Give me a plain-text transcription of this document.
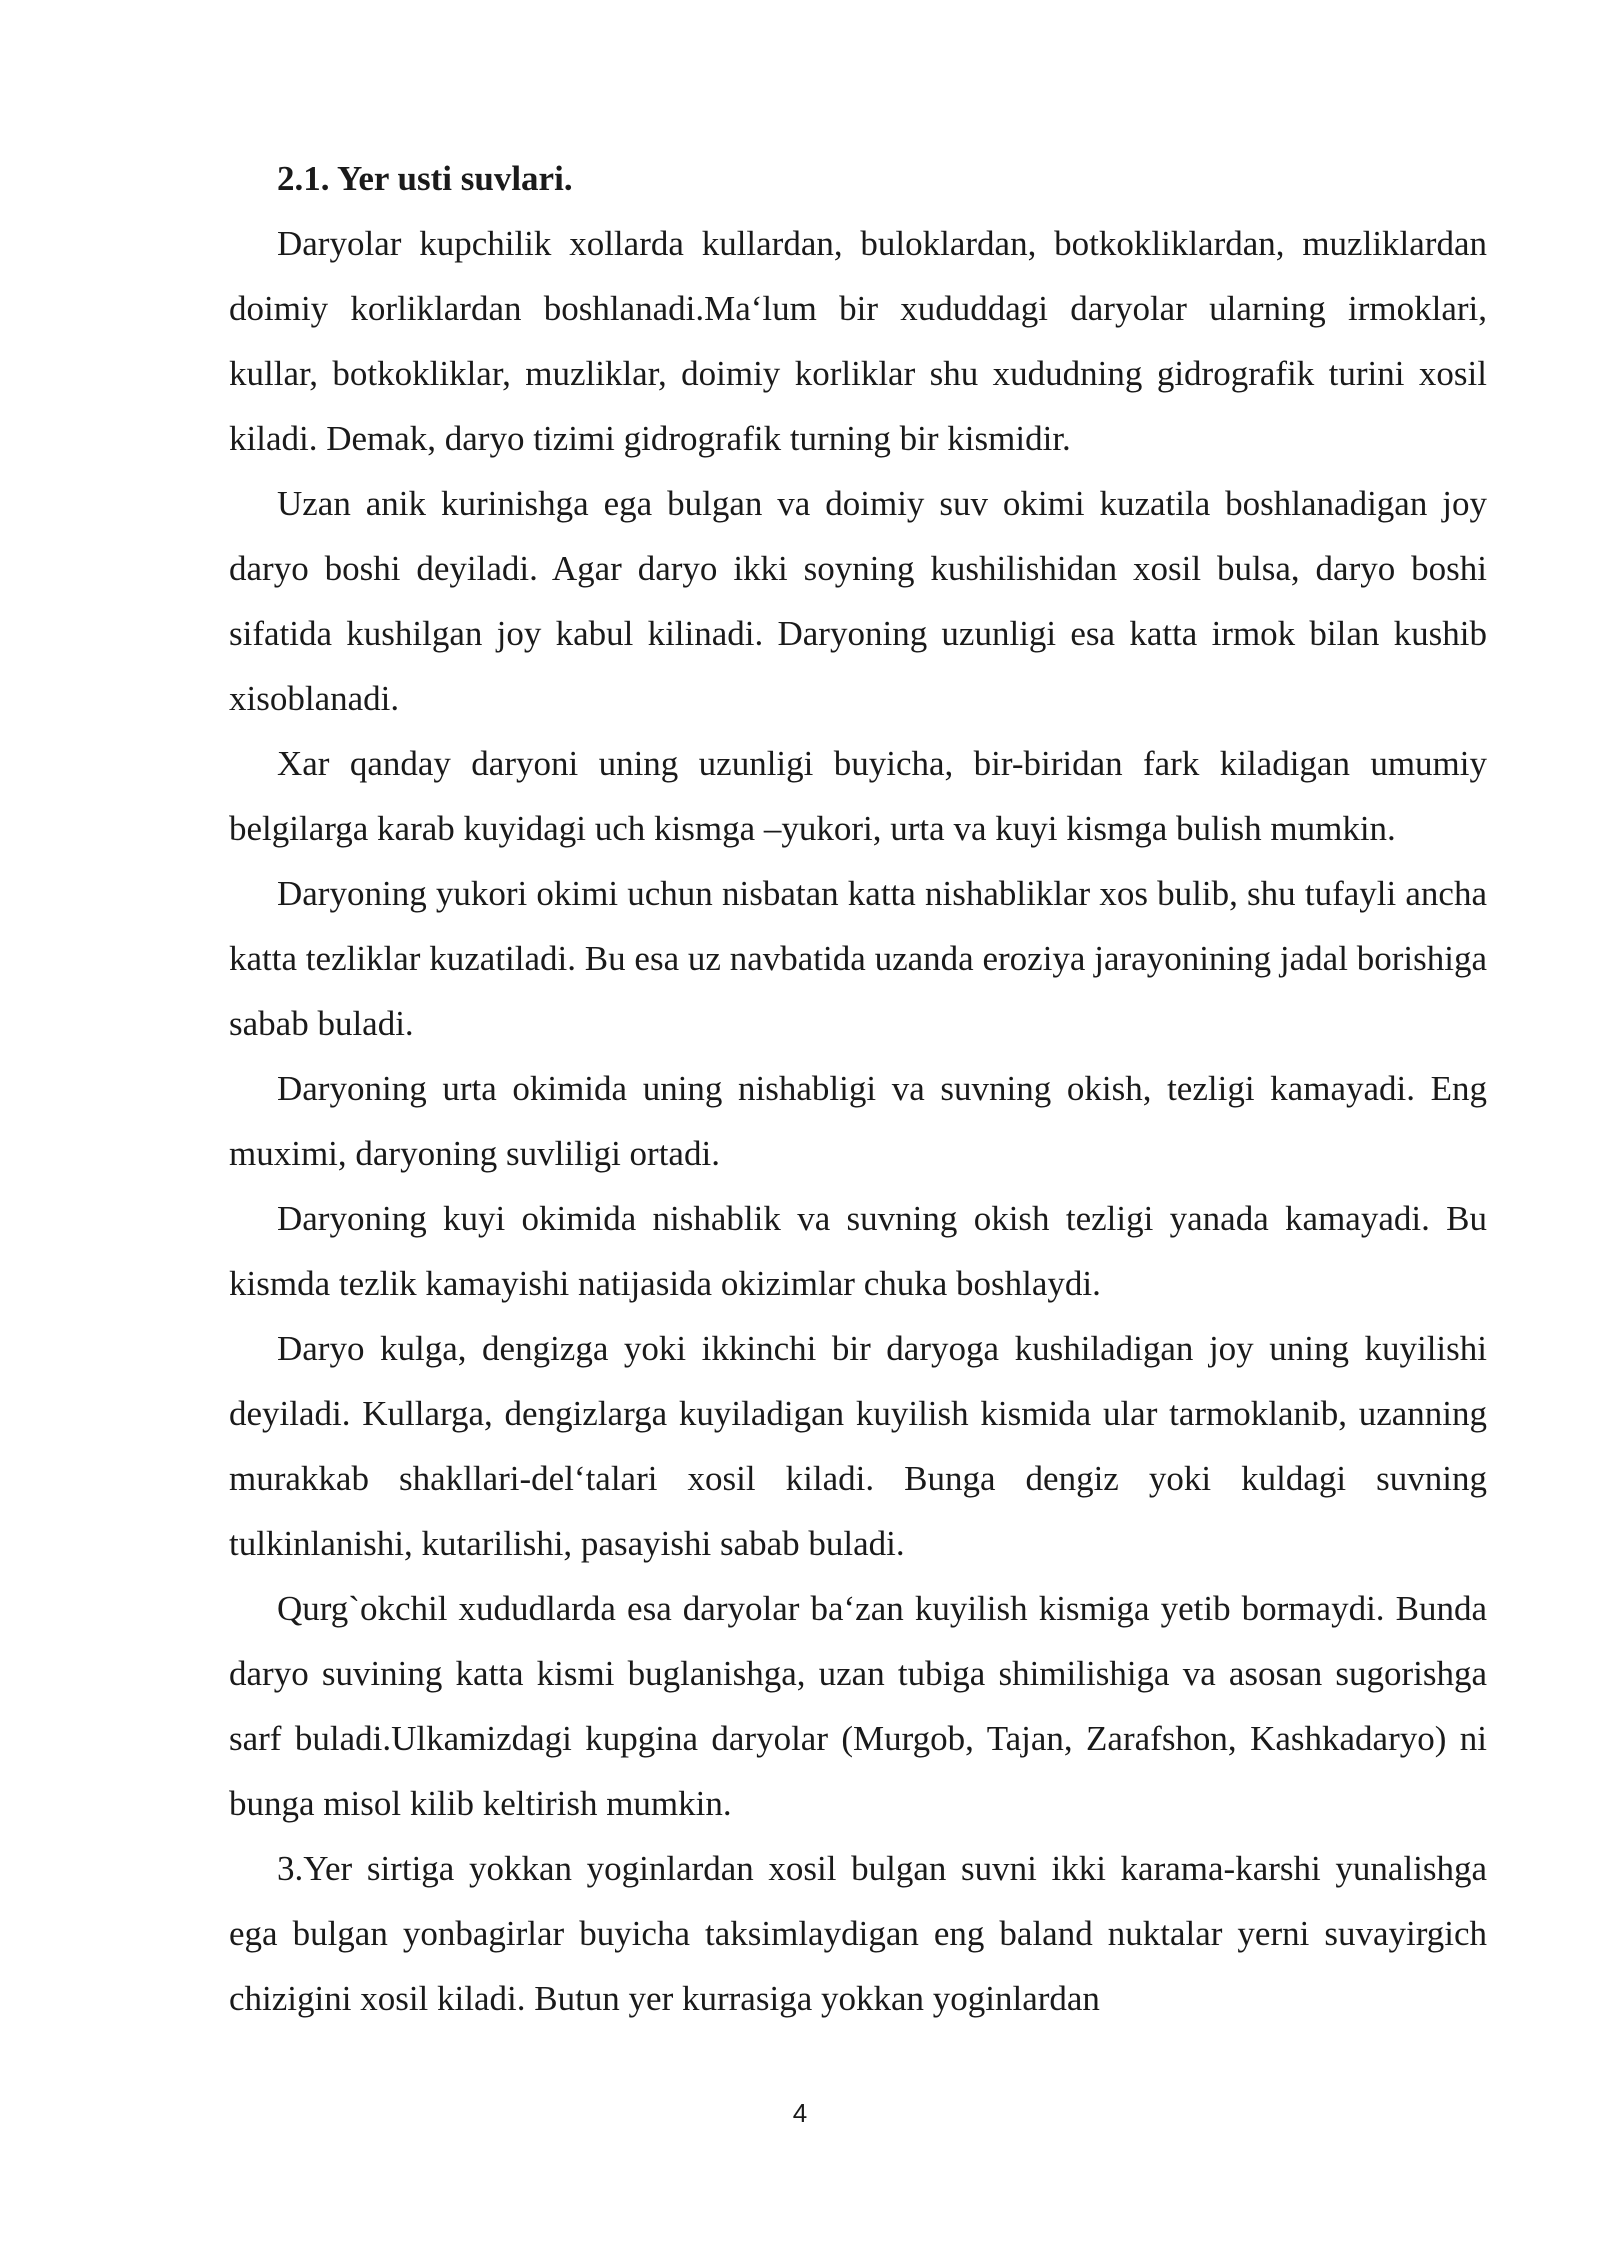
2.1. Yer usti suvlari.

Daryolar kupchilik xollarda kullardan, buloklardan, botkokliklardan, muzliklardan doimiy korliklardan boshlanadi.Maʻlum bir xududdagi daryolar ularning irmoklari, kullar, botkokliklar, muzliklar, doimiy korliklar shu xududning gidrografik turini xosil kiladi. Demak, daryo tizimi gidrografik turning bir kismidir.

Uzan anik kurinishga ega bulgan va doimiy suv okimi kuzatila boshlanadigan joy daryo boshi deyiladi. Agar daryo ikki soyning kushilishidan xosil bulsa, daryo boshi sifatida kushilgan joy kabul kilinadi. Daryoning uzunligi esa katta irmok bilan kushib xisoblanadi.

Xar qanday daryoni uning uzunligi buyicha, bir-biridan fark kiladigan umumiy belgilarga karab kuyidagi uch kismga –yukori, urta va kuyi kismga bulish mumkin.

Daryoning yukori okimi uchun nisbatan katta nishabliklar xos bulib, shu tufayli ancha katta tezliklar kuzatiladi. Bu esa uz navbatida uzanda eroziya jarayonining jadal borishiga sabab buladi.

Daryoning urta okimida uning nishabligi va suvning okish, tezligi kamayadi. Eng muximi, daryoning suvliligi ortadi.

Daryoning kuyi okimida nishablik va suvning okish tezligi yanada kamayadi. Bu kismda tezlik kamayishi natijasida okizimlar chuka boshlaydi.

Daryo kulga, dengizga yoki ikkinchi bir daryoga kushiladigan joy uning kuyilishi deyiladi. Kullarga, dengizlarga kuyiladigan kuyilish kismida ular tarmoklanib, uzanning murakkab shakllari-delʻtalari xosil kiladi. Bunga dengiz yoki kuldagi suvning tulkinlanishi, kutarilishi, pasayishi sabab buladi.

Qurg`okchil xududlarda esa daryolar baʻzan kuyilish kismiga yetib bormaydi. Bunda daryo suvining katta kismi buglanishga, uzan tubiga shimilishiga va asosan sugorishga sarf buladi.Ulkamizdagi kupgina daryolar (Murgob, Tajan, Zarafshon, Kashkadaryo) ni bunga misol kilib keltirish mumkin.

3.Yer sirtiga yokkan yoginlardan xosil bulgan suvni ikki karama-karshi yunalishga ega bulgan yonbagirlar buyicha taksimlaydigan eng baland nuktalar yerni suvayirgich chizigini xosil kiladi. Butun yer kurrasiga yokkan yoginlardan

4
